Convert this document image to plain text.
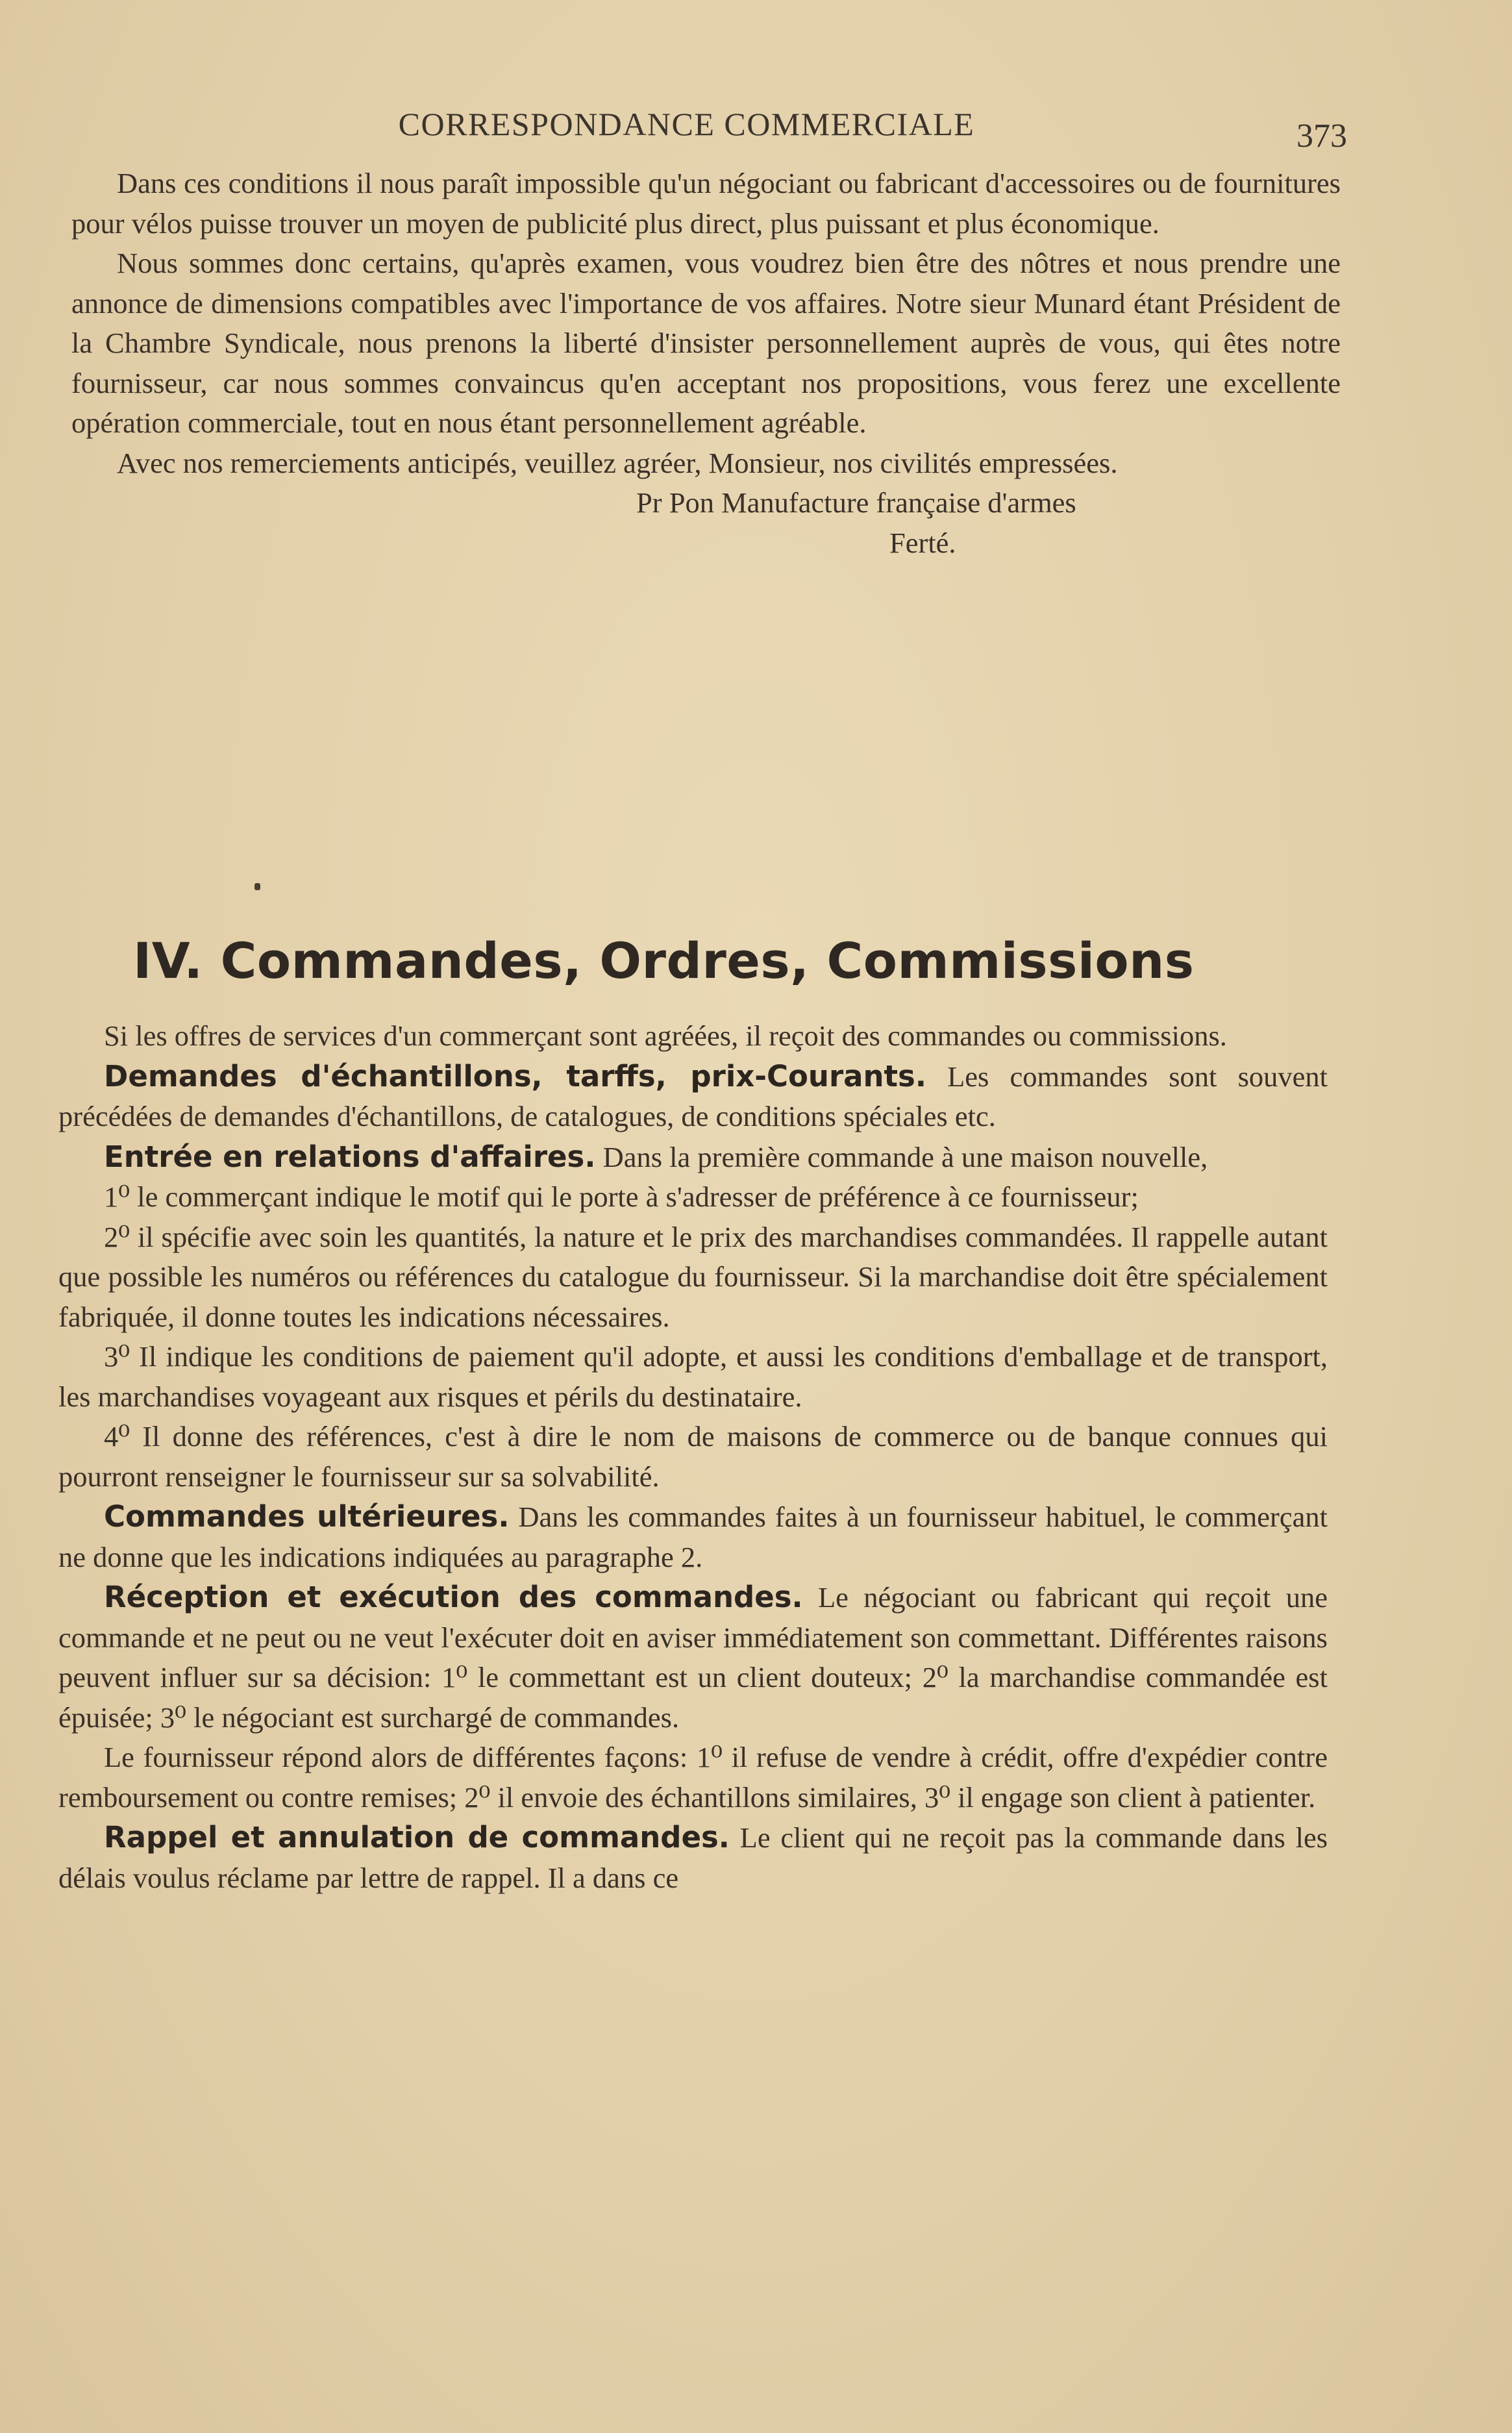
CORRESPONDANCE COMMERCIALE	373

Dans ces conditions il nous paraît impossible qu'un négociant ou fabricant d'accessoires ou de fournitures pour vélos puisse trouver un moyen de publicité plus direct, plus puissant et plus économique.

Nous sommes donc certains, qu'après examen, vous voudrez bien être des nôtres et nous prendre une annonce de dimensions compatibles avec l'importance de vos affaires. Notre sieur Munard étant Président de la Chambre Syndicale, nous prenons la liberté d'insister personnellement auprès de vous, qui êtes notre fournisseur, car nous sommes convaincus qu'en acceptant nos propositions, vous ferez une excellente opération commerciale, tout en nous étant personnellement agréable.

Avec nos remerciements anticipés, veuillez agréer, Monsieur, nos civilités empressées.

Pr Pon Manufacture française d'armes

Ferté.

IV. Commandes, Ordres, Commissions

Si les offres de services d'un commerçant sont agréées, il reçoit des commandes ou commissions.

Demandes d'échantillons, tarffs, prix-Courants. Les commandes sont souvent précédées de demandes d'échantillons, de catalogues, de conditions spéciales etc.

Entrée en relations d'affaires. Dans la première commande à une maison nouvelle,

1⁰ le commerçant indique le motif qui le porte à s'adresser de préférence à ce fournisseur;

2⁰ il spécifie avec soin les quantités, la nature et le prix des marchandises commandées. Il rappelle autant que possible les numéros ou références du catalogue du fournisseur. Si la marchandise doit être spécialement fabriquée, il donne toutes les indications nécessaires.

3⁰ Il indique les conditions de paiement qu'il adopte, et aussi les conditions d'emballage et de transport, les marchandises voyageant aux risques et périls du destinataire.

4⁰ Il donne des références, c'est à dire le nom de maisons de commerce ou de banque connues qui pourront renseigner le fournisseur sur sa solvabilité.

Commandes ultérieures. Dans les commandes faites à un fournisseur habituel, le commerçant ne donne que les indications indiquées au paragraphe 2.

Réception et exécution des commandes. Le négociant ou fabricant qui reçoit une commande et ne peut ou ne veut l'exécuter doit en aviser immédiatement son commettant. Différentes raisons peuvent influer sur sa décision: 1⁰ le commettant est un client douteux; 2⁰ la marchandise commandée est épuisée; 3⁰ le négociant est surchargé de commandes.

Le fournisseur répond alors de différentes façons: 1⁰ il refuse de vendre à crédit, offre d'expédier contre remboursement ou contre remises; 2⁰ il envoie des échantillons similaires, 3⁰ il engage son client à patienter.

Rappel et annulation de commandes. Le client qui ne reçoit pas la commande dans les délais voulus réclame par lettre de rappel. Il a dans ce
